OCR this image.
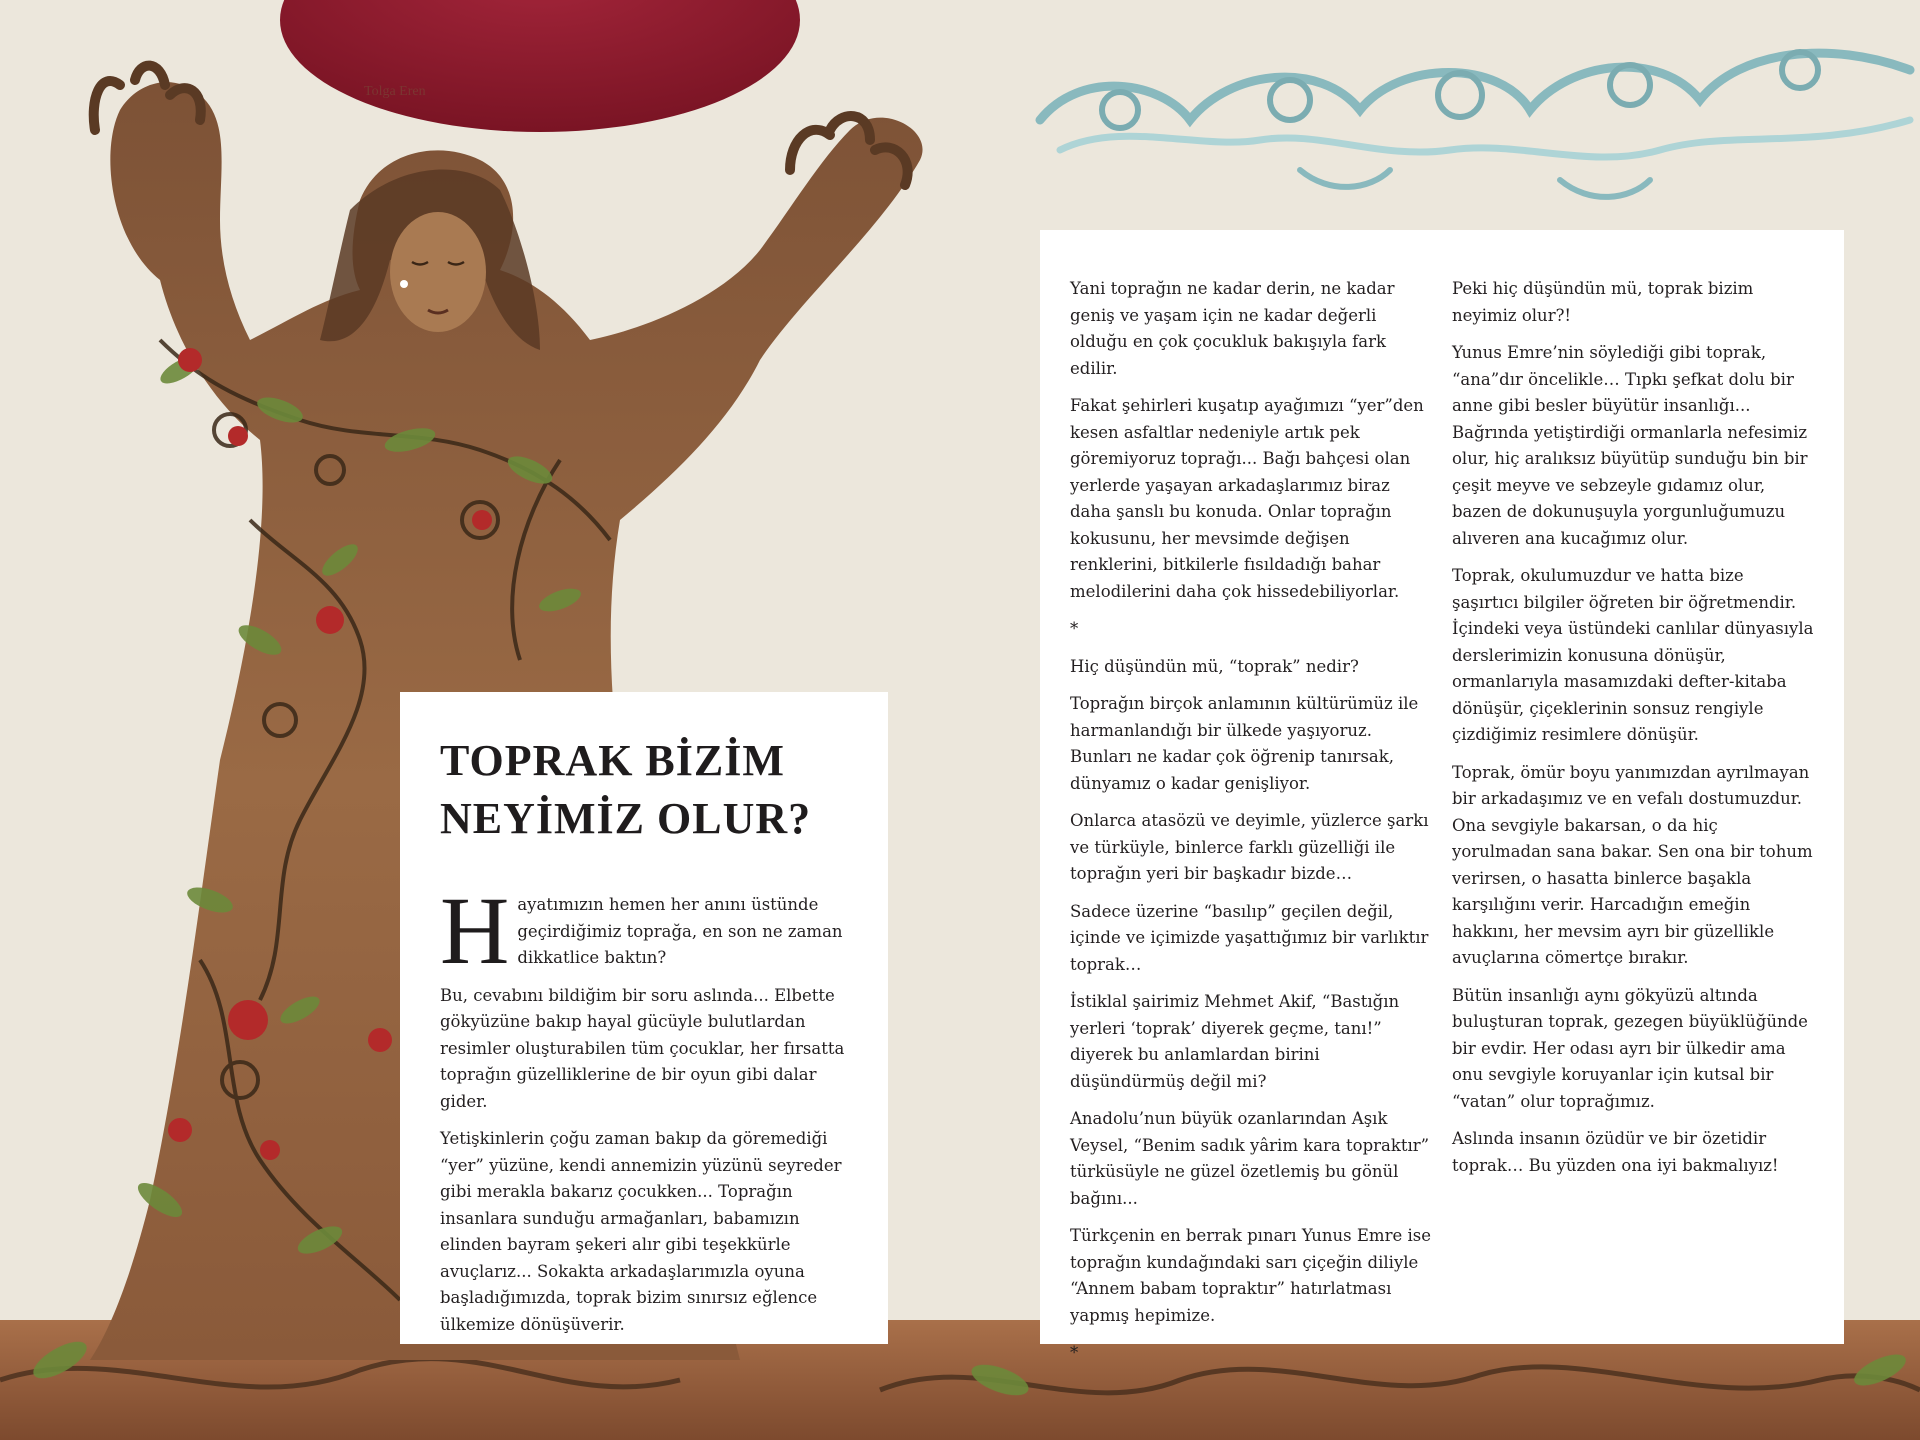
Tolga Eren
TOPRAK BİZİM
NEYİMİZ OLUR?

Hayatımızın hemen her anını üstünde geçirdiğimiz toprağa, en son ne zaman dikkatlice baktın?

Bu, cevabını bildiğim bir soru aslında... Elbette gökyüzüne bakıp hayal gücüyle bulutlardan resimler oluşturabilen tüm çocuklar, her fırsatta toprağın güzelliklerine de bir oyun gibi dalar gider.

Yetişkinlerin çoğu zaman bakıp da göremediği “yer” yüzüne, kendi annemizin yüzünü seyreder gibi merakla bakarız çocukken... Toprağın insanlara sunduğu armağanları, babamızın elinden bayram şekeri alır gibi teşekkürle avuçlarız... Sokakta arkadaşlarımızla oyuna başladığımızda, toprak bizim sınırsız eğlence ülkemize dönüşüverir.

Yani toprağın ne kadar derin, ne kadar geniş ve yaşam için ne kadar değerli olduğu en çok çocukluk bakışıyla fark edilir.

Fakat şehirleri kuşatıp ayağımızı “yer”den kesen asfaltlar nedeniyle artık pek göremiyoruz toprağı... Bağı bahçesi olan yerlerde yaşayan arkadaşlarımız biraz daha şanslı bu konuda. Onlar toprağın kokusunu, her mevsimde değişen renklerini, bitkilerle fısıldadığı bahar melodilerini daha çok hissedebiliyorlar.

*

Hiç düşündün mü, “toprak” nedir?

Toprağın birçok anlamının kültürümüz ile harmanlandığı bir ülkede yaşıyoruz. Bunları ne kadar çok öğrenip tanırsak, dünyamız o kadar genişliyor.

Onlarca atasözü ve deyimle, yüzlerce şarkı ve türküyle, binlerce farklı güzelliği ile toprağın yeri bir başkadır bizde…

Sadece üzerine “basılıp” geçilen değil, içinde ve içimizde yaşattığımız bir varlıktır toprak…

İstiklal şairimiz Mehmet Akif, “Bastığın yerleri ‘toprak’ diyerek geçme, tanı!” diyerek bu anlamlardan birini düşündürmüş değil mi?

Anadolu’nun büyük ozanlarından Aşık Veysel, “Benim sadık yârim kara topraktır” türküsüyle ne güzel özetlemiş bu gönül bağını...

Türkçenin en berrak pınarı Yunus Emre ise toprağın kundağındaki sarı çiçeğin diliyle “Annem babam topraktır” hatırlatması yapmış hepimize.

*

Peki hiç düşündün mü, toprak bizim neyimiz olur?!

Yunus Emre’nin söylediği gibi toprak, “ana”dır öncelikle… Tıpkı şefkat dolu bir anne gibi besler büyütür insanlığı... Bağrında yetiştirdiği ormanlarla nefesimiz olur, hiç aralıksız büyütüp sunduğu bin bir çeşit meyve ve sebzeyle gıdamız olur, bazen de dokunuşuyla yorgunluğumuzu alıveren ana kucağımız olur.

Toprak, okulumuzdur ve hatta bize şaşırtıcı bilgiler öğreten bir öğretmendir. İçindeki veya üstündeki canlılar dünyasıyla derslerimizin konusuna dönüşür, ormanlarıyla masamızdaki defter-kitaba dönüşür, çiçeklerinin sonsuz rengiyle çizdiğimiz resimlere dönüşür.

Toprak, ömür boyu yanımızdan ayrılmayan bir arkadaşımız ve en vefalı dostumuzdur. Ona sevgiyle bakarsan, o da hiç yorulmadan sana bakar. Sen ona bir tohum verirsen, o hasatta binlerce başakla karşılığını verir. Harcadığın emeğin hakkını, her mevsim ayrı bir güzellikle avuçlarına cömertçe bırakır.

Bütün insanlığı aynı gökyüzü altında buluşturan toprak, gezegen büyüklüğünde bir evdir. Her odası ayrı bir ülkedir ama onu sevgiyle koruyanlar için kutsal bir “vatan” olur toprağımız.

Aslında insanın özüdür ve bir özetidir toprak… Bu yüzden ona iyi bakmalıyız!
